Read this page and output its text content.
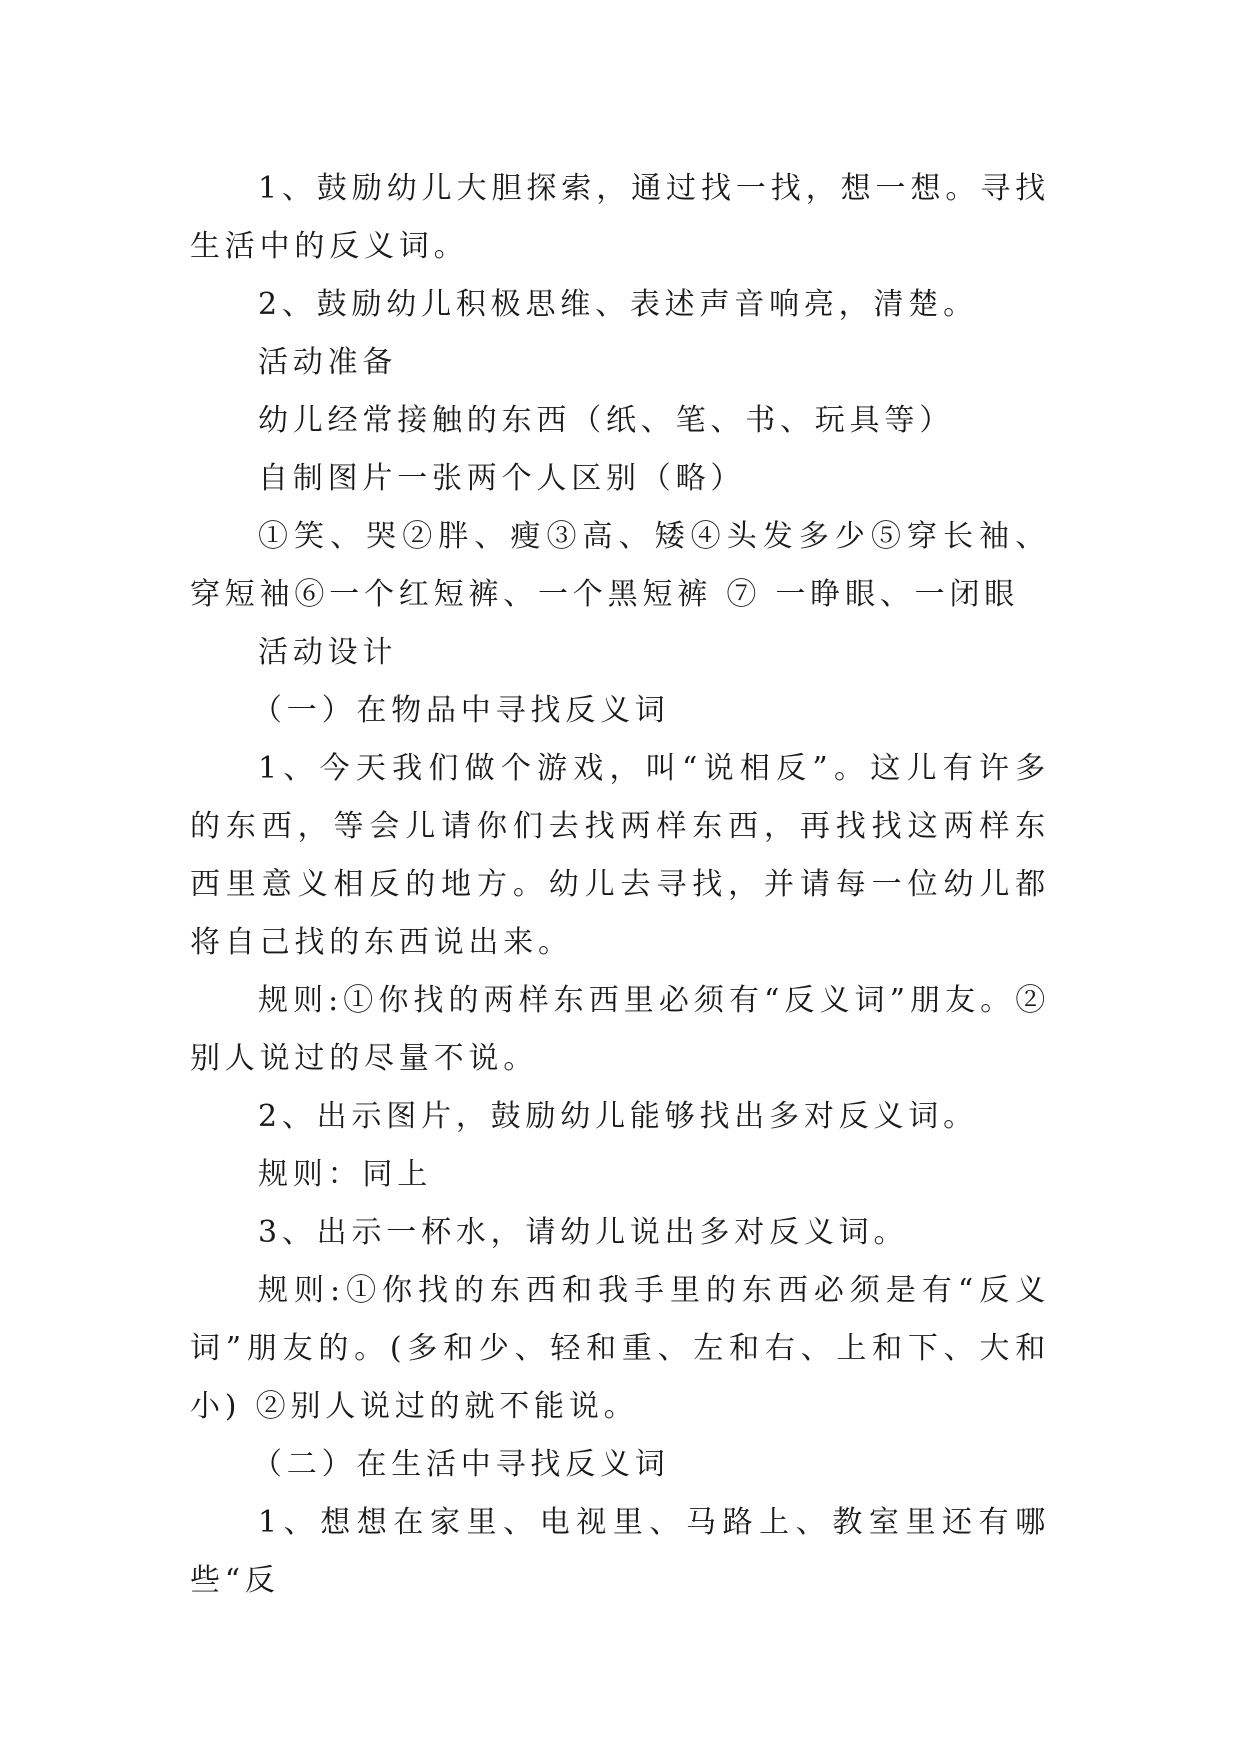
1、鼓励幼儿大胆探索，通过找一找，想一想。寻找生活中的反义词。

2、鼓励幼儿积极思维、表述声音响亮，清楚。

活动准备

幼儿经常接触的东西（纸、笔、书、玩具等）

自制图片一张两个人区别（略）

①笑、哭②胖、瘦③高、矮④头发多少⑤穿长袖、穿短袖⑥一个红短裤、一个黑短裤 ⑦ 一睁眼、一闭眼

活动设计

（一）在物品中寻找反义词

1、今天我们做个游戏，叫“说相反”。这儿有许多的东西，等会儿请你们去找两样东西，再找找这两样东西里意义相反的地方。幼儿去寻找，并请每一位幼儿都将自己找的东西说出来。

规则:①你找的两样东西里必须有“反义词”朋友。②别人说过的尽量不说。

2、出示图片，鼓励幼儿能够找出多对反义词。

规则：同上

3、出示一杯水，请幼儿说出多对反义词。

规则:①你找的东西和我手里的东西必须是有“反义词”朋友的。(多和少、轻和重、左和右、上和下、大和小) ②别人说过的就不能说。

（二）在生活中寻找反义词

1、想想在家里、电视里、马路上、教室里还有哪些“反
